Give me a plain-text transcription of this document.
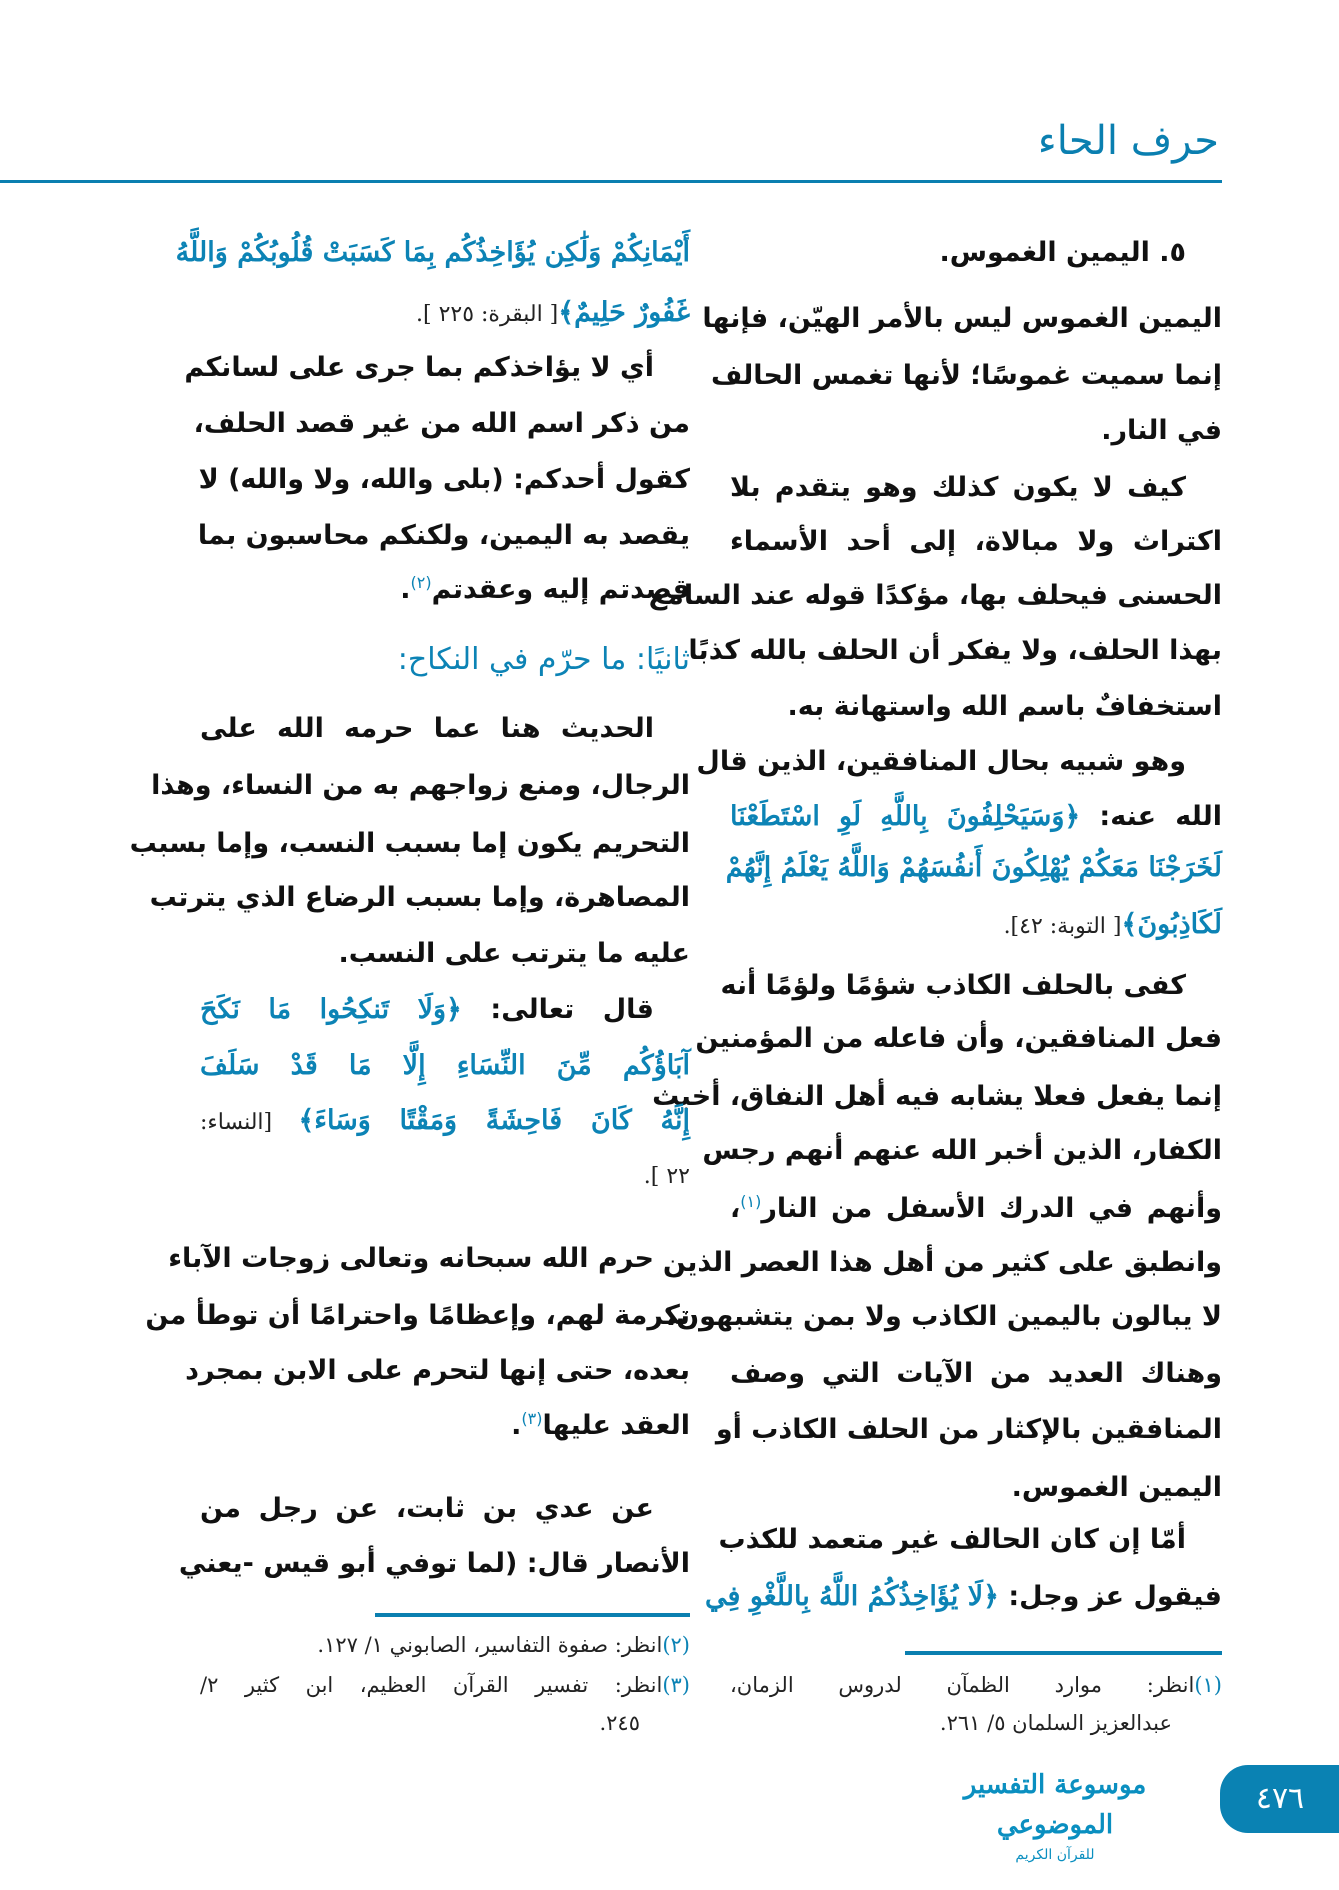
حرف الحاء
٥. اليمين الغموس.
اليمين الغموس ليس بالأمر الهيّن، فإنها
إنما سميت غموسًا؛ لأنها تغمس الحالف
في النار.
كيف لا يكون كذلك وهو يتقدم بلا
اكتراث ولا مبالاة، إلى أحد الأسماء
الحسنى فيحلف بها، مؤكدًا قوله عند السامع
بهذا الحلف، ولا يفكر أن الحلف بالله كذبًا
استخفافٌ باسم الله واستهانة به.
وهو شبيه بحال المنافقين، الذين قال
الله عنه: ﴿وَسَيَحْلِفُونَ بِاللَّهِ لَوِ اسْتَطَعْنَا
لَخَرَجْنَا مَعَكُمْ يُهْلِكُونَ أَنفُسَهُمْ وَاللَّهُ يَعْلَمُ إِنَّهُمْ
لَكَاذِبُونَ﴾[ التوبة: ٤٢].
كفى بالحلف الكاذب شؤمًا ولؤمًا أنه
فعل المنافقين، وأن فاعله من المؤمنين
إنما يفعل فعلا يشابه فيه أهل النفاق، أخبث
الكفار، الذين أخبر الله عنهم أنهم رجس
وأنهم في الدرك الأسفل من النار$^{(١)}$،
وانطبق على كثير من أهل هذا العصر الذين
لا يبالون باليمين الكاذب ولا بمن يتشبهون،
وهناك العديد من الآيات التي وصف
المنافقين بالإكثار من الحلف الكاذب أو
اليمين الغموس.
أمّا إن كان الحالف غير متعمد للكذب
فيقول عز وجل: ﴿لَا يُؤَاخِذُكُمُ اللَّهُ بِاللَّغْوِ فِي
أَيْمَانِكُمْ وَلَٰكِن يُؤَاخِذُكُم بِمَا كَسَبَتْ قُلُوبُكُمْ وَاللَّهُ
غَفُورٌ حَلِيمٌ﴾[ البقرة: ٢٢٥ ].
أي لا يؤاخذكم بما جرى على لسانكم
من ذكر اسم الله من غير قصد الحلف،
كقول أحدكم: (بلى والله، ولا والله) لا
يقصد به اليمين، ولكنكم محاسبون بما
قصدتم إليه وعقدتم$^{(٢)}$.
ثانيًا: ما حرّم في النكاح:
الحديث هنا عما حرمه الله على
الرجال، ومنع زواجهم به من النساء، وهذا
التحريم يكون إما بسبب النسب، وإما بسبب
المصاهرة، وإما بسبب الرضاع الذي يترتب
عليه ما يترتب على النسب.
قال تعالى: ﴿وَلَا تَنكِحُوا مَا نَكَحَ
آبَاؤُكُم مِّنَ النِّسَاءِ إِلَّا مَا قَدْ سَلَفَ
إِنَّهُ كَانَ فَاحِشَةً وَمَقْتًا وَسَاءَ﴾ [النساء:
٢٢ ].
حرم الله سبحانه وتعالى زوجات الآباء
تكرمة لهم، وإعظامًا واحترامًا أن توطأ من
بعده، حتى إنها لتحرم على الابن بمجرد
العقد عليها$^{(٣)}$.
عن عدي بن ثابت، عن رجل من
الأنصار قال: (لما توفي أبو قيس -يعني
موسوعة التفسير الموضوعي
للقرآن الكريم
٤٧٦
(١)انظر: موارد الظمآن لدروس الزمان،
عبدالعزيز السلمان ٥/ ٢٦١.
(٢)انظر: صفوة التفاسير، الصابوني ١/ ١٢٧.
(٣)انظر: تفسير القرآن العظيم، ابن كثير ٢/
٢٤٥.
